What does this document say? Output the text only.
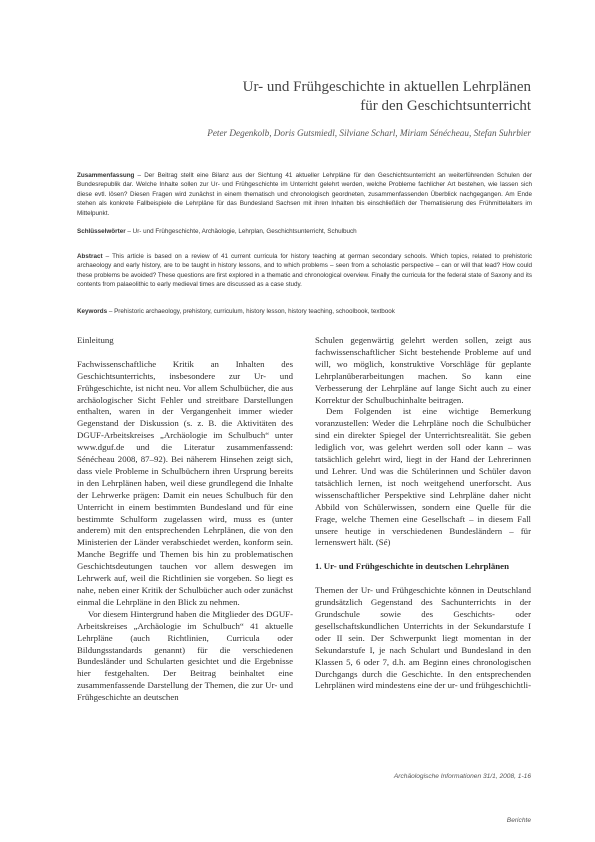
Ur- und Frühgeschichte in aktuellen Lehrplänen
für den Geschichtsunterricht
Peter Degenkolb, Doris Gutsmiedl, Silviane Scharl, Miriam Sénécheau, Stefan Suhrbier
Zusammenfassung – Der Beitrag stellt eine Bilanz aus der Sichtung 41 aktueller Lehrpläne für den Geschichtsunterricht an weiterführenden Schulen der Bundesrepublik dar. Welche Inhalte sollen zur Ur- und Frühgeschichte im Unterricht gelehrt werden, welche Probleme fachlicher Art bestehen, wie lassen sich diese evtl. lösen? Diesen Fragen wird zunächst in einem thematisch und chronologisch geordneten, zusammenfassenden Überblick nachgegangen. Am Ende stehen als konkrete Fallbeispiele die Lehrpläne für das Bundesland Sachsen mit ihren Inhalten bis einschließlich der Thematisierung des Frühmittelalters im Mittelpunkt.
Schlüsselwörter – Ur- und Frühgeschichte, Archäologie, Lehrplan, Geschichtsunterricht, Schulbuch
Abstract – This article is based on a review of 41 current curricula for history teaching at german secondary schools. Which topics, related to prehistoric archaeology and early history, are to be taught in history lessons, and to which problems – seen from a scholastic perspective – can or will that lead? How could these problems be avoided? These questions are first explored in a thematic and chronological overview. Finally the curricula for the federal state of Saxony and its contents from palaeolithic to early medieval times are discussed as a case study.
Keywords – Prehistoric archaeology, prehistory, curriculum, history lesson, history teaching, schoolbook, textbook

Einleitung

Fachwissenschaftliche Kritik an Inhalten des Geschichtsunterrichts, insbesondere zur Ur- und Frühgeschichte, ist nicht neu. Vor allem Schulbücher, die aus archäologischer Sicht Fehler und streitbare Darstellungen enthalten, waren in der Vergangenheit immer wieder Gegenstand der Diskussion (s. z. B. die Aktivitäten des DGUF-Arbeitskreises „Archäologie im Schulbuch“ unter www.dguf.de und die Literatur zusammenfassend: Sénécheau 2008, 87–92). Bei näherem Hinsehen zeigt sich, dass viele Probleme in Schulbüchern ihren Ursprung bereits in den Lehrplänen haben, weil diese grundlegend die Inhalte der Lehrwerke prägen: Damit ein neues Schulbuch für den Unterricht in einem bestimmten Bundesland und für eine bestimmte Schulform zugelassen wird, muss es (unter anderem) mit den entsprechenden Lehrplänen, die von den Ministerien der Länder verabschiedet werden, konform sein. Manche Begriffe und Themen bis hin zu problematischen Geschichtsdeutungen tauchen vor allem deswegen im Lehrwerk auf, weil die Richtlinien sie vorgeben. So liegt es nahe, neben einer Kritik der Schulbücher auch oder zunächst einmal die Lehrpläne in den Blick zu nehmen.

Vor diesem Hintergrund haben die Mitglieder des DGUF-Arbeitskreises „Archäologie im Schulbuch“ 41 aktuelle Lehrpläne (auch Richtlinien, Curricula oder Bildungsstandards genannt) für die verschiedenen Bundesländer und Schularten gesichtet und die Ergebnisse hier festgehalten. Der Beitrag beinhaltet eine zusammenfassende Darstellung der Themen, die zur Ur- und Frühgeschichte an deutschen

Schulen gegenwärtig gelehrt werden sollen, zeigt aus fachwissenschaftlicher Sicht bestehende Probleme auf und will, wo möglich, konstruktive Vorschläge für geplante Lehrplanüberarbeitungen machen. So kann eine Verbesserung der Lehrpläne auf lange Sicht auch zu einer Korrektur der Schulbuchinhalte beitragen.

Dem Folgenden ist eine wichtige Bemerkung voranzustellen: Weder die Lehrpläne noch die Schulbücher sind ein direkter Spiegel der Unterrichtsrealität. Sie geben lediglich vor, was gelehrt werden soll oder kann – was tatsächlich gelehrt wird, liegt in der Hand der Lehrerinnen und Lehrer. Und was die Schülerinnen und Schüler davon tatsächlich lernen, ist noch weitgehend unerforscht. Aus wissenschaftlicher Perspektive sind Lehrpläne daher nicht Abbild von Schülerwissen, sondern eine Quelle für die Frage, welche Themen eine Gesellschaft – in diesem Fall unsere heutige in verschiedenen Bundesländern – für lernenswert hält. (Sé)

1. Ur- und Frühgeschichte in deutschen Lehrplänen

Themen der Ur- und Frühgeschichte können in Deutschland grundsätzlich Gegenstand des Sachunterrichts in der Grundschule sowie des Geschichts- oder gesellschaftskundlichen Unterrichts in der Sekundarstufe I oder II sein. Der Schwerpunkt liegt momentan in der Sekundarstufe I, je nach Schulart und Bundesland in den Klassen 5, 6 oder 7, d.h. am Beginn eines chronologischen Durchgangs durch die Geschichte. In den entsprechenden Lehrplänen wird mindestens eine der ur- und frühgeschichtli-

Archäologische Informationen 31/1, 2008, 1-16
Berichte
